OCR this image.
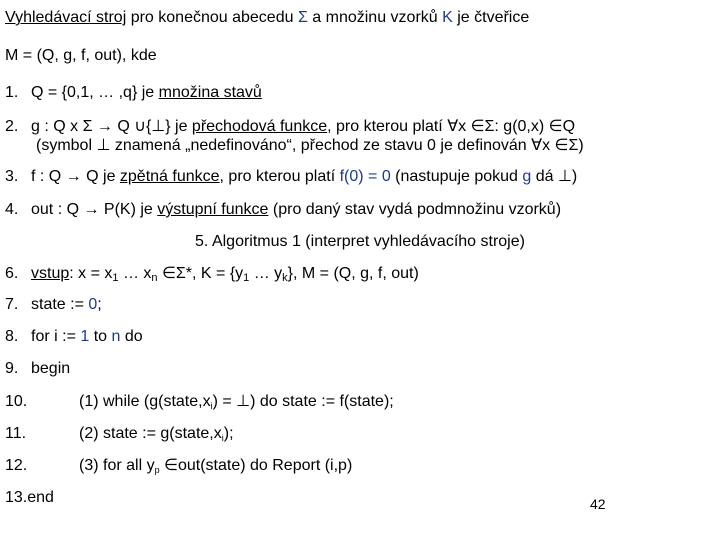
Vyhledávací stroj pro konečnou abecedu Σ a množinu vzorků K je čtveřice
M = (Q, g, f, out), kde
1. Q = {0,1, … ,q} je množina stavů
2. g : Q x Σ → Q ∪{⊥} je přechodová funkce, pro kterou platí ∀x ∈Σ: g(0,x) ∈Q
(symbol ⊥ znamená „nedefinováno“, přechod ze stavu 0 je definován ∀x ∈Σ)
3. f : Q → Q je zpětná funkce, pro kterou platí f(0) = 0 (nastupuje pokud g dá ⊥)
4. out : Q → P(K) je výstupní funkce (pro daný stav vydá podmnožinu vzorků)
5. Algoritmus 1 (interpret vyhledávacího stroje)
6. vstup: $x = x_1$ … $x_n$ ∈Σ*, $K = \{y_1$ … $y_k$}, M = (Q, g, f, out)
7. state := 0;
8. for i := 1 to n do
9. begin
10.	(1) while (g(state,xi) = ⊥) do state := f(state);
11.	(2) state := g(state,xi);
12.	(3) for all yp ∈out(state) do Report (i,p)
13.end	42
